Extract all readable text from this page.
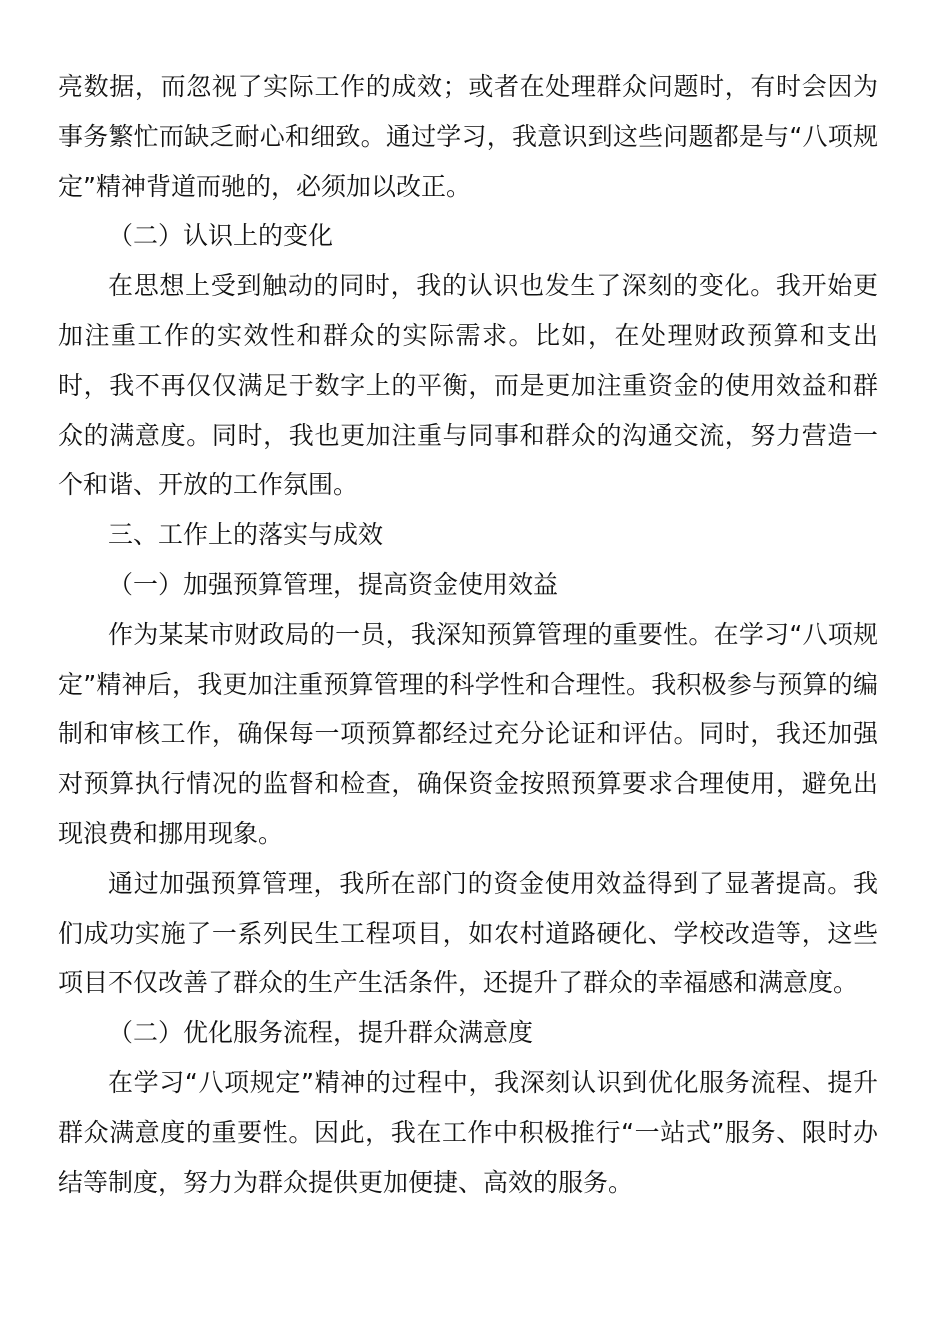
亮数据，而忽视了实际工作的成效；或者在处理群众问题时，有时会因为事务繁忙而缺乏耐心和细致。通过学习，我意识到这些问题都是与“八项规定”精神背道而驰的，必须加以改正。

（二）认识上的变化

在思想上受到触动的同时，我的认识也发生了深刻的变化。我开始更加注重工作的实效性和群众的实际需求。比如，在处理财政预算和支出时，我不再仅仅满足于数字上的平衡，而是更加注重资金的使用效益和群众的满意度。同时，我也更加注重与同事和群众的沟通交流，努力营造一个和谐、开放的工作氛围。

三、工作上的落实与成效

（一）加强预算管理，提高资金使用效益

作为某某市财政局的一员，我深知预算管理的重要性。在学习“八项规定”精神后，我更加注重预算管理的科学性和合理性。我积极参与预算的编制和审核工作，确保每一项预算都经过充分论证和评估。同时，我还加强对预算执行情况的监督和检查，确保资金按照预算要求合理使用，避免出现浪费和挪用现象。

通过加强预算管理，我所在部门的资金使用效益得到了显著提高。我们成功实施了一系列民生工程项目，如农村道路硬化、学校改造等，这些项目不仅改善了群众的生产生活条件，还提升了群众的幸福感和满意度。

（二）优化服务流程，提升群众满意度

在学习“八项规定”精神的过程中，我深刻认识到优化服务流程、提升群众满意度的重要性。因此，我在工作中积极推行“一站式”服务、限时办结等制度，努力为群众提供更加便捷、高效的服务。
